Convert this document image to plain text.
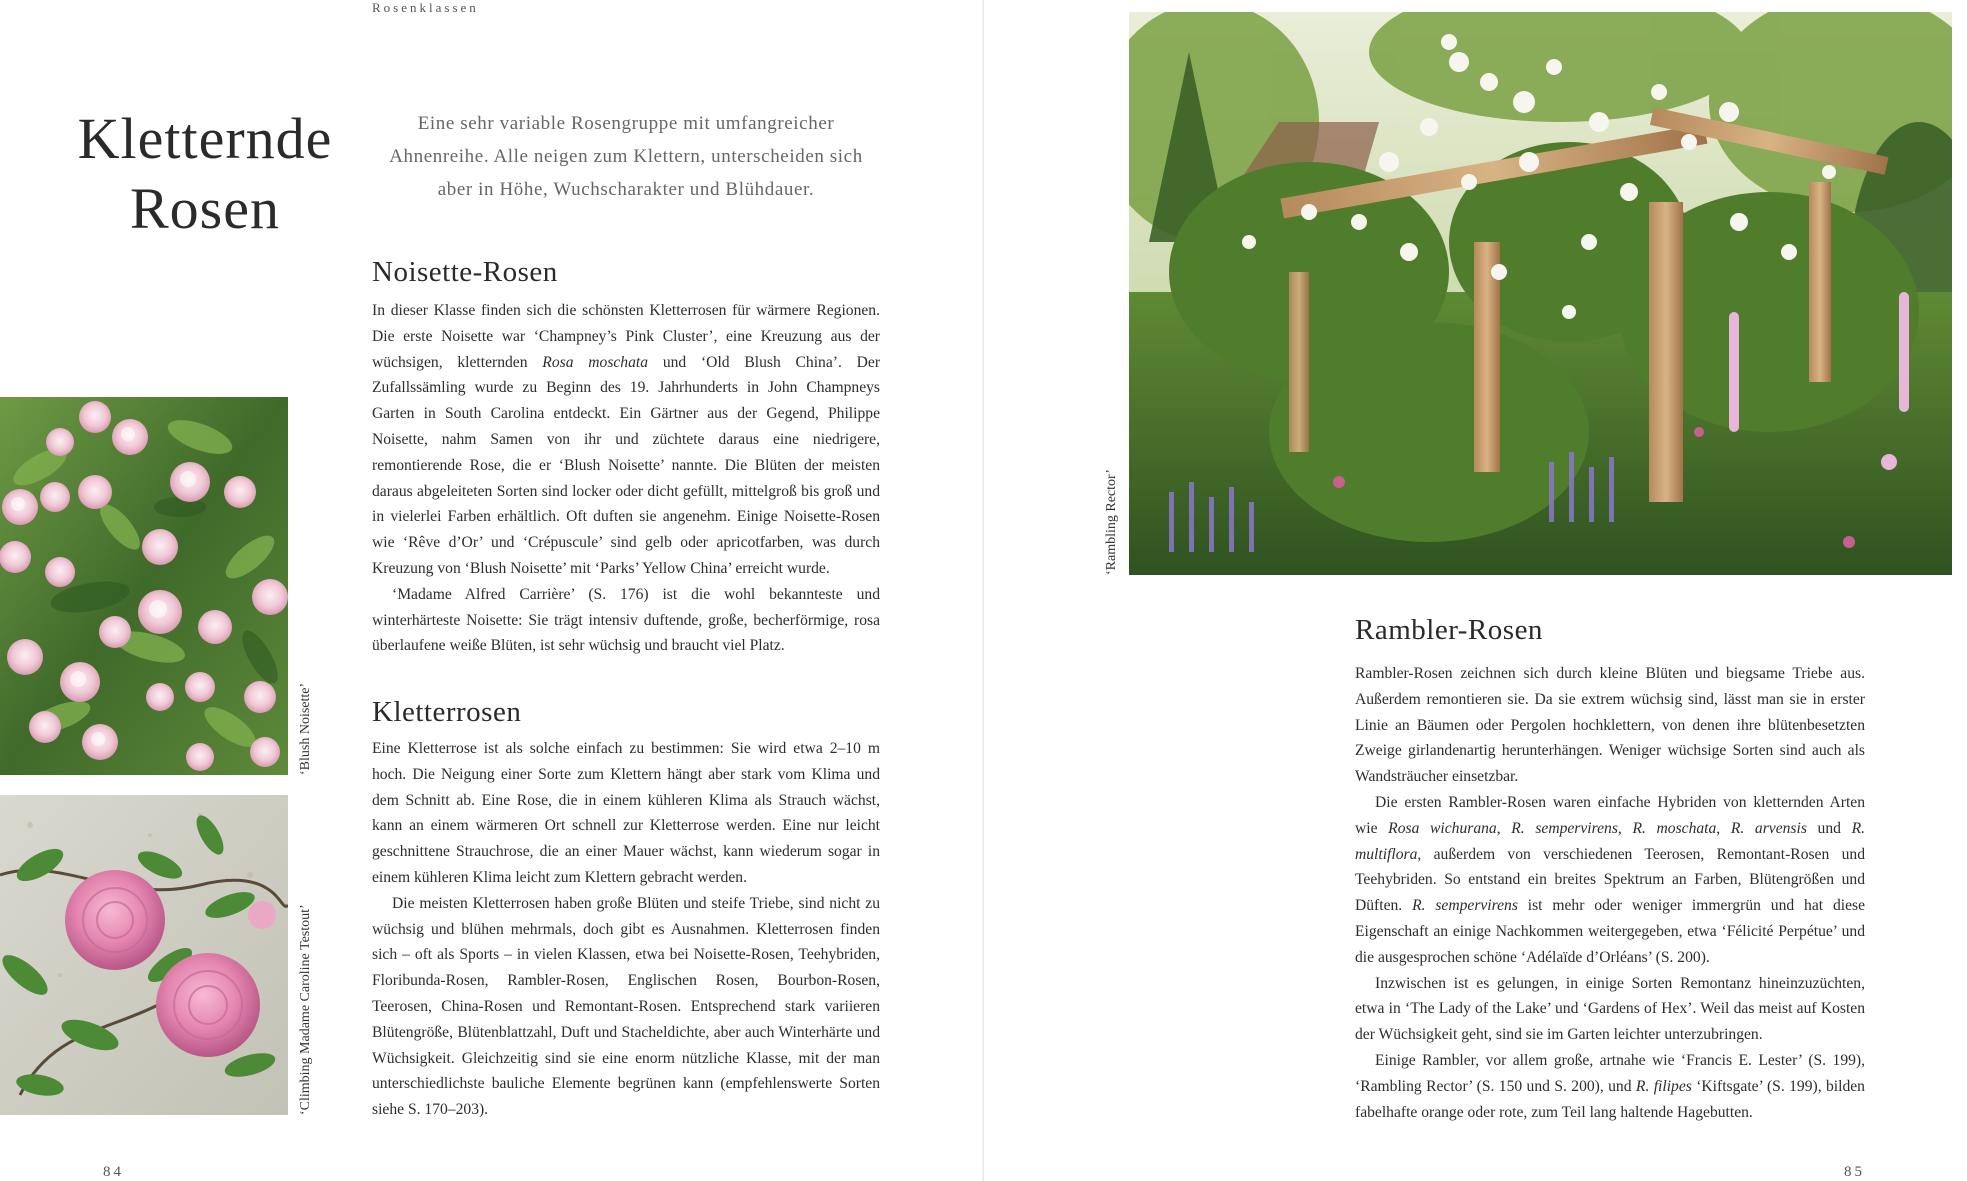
Rosenklassen
Kletternde
Rosen
Eine sehr variable Rosengruppe mit umfangreicher
Ahnenreihe. Alle neigen zum Klettern, unterscheiden sich
aber in Höhe, Wuchscharakter und Blühdauer.
‘Blush Noisette’
‘Climbing Madame Caroline Testout’
Noisette-Rosen

In dieser Klasse finden sich die schönsten Kletterrosen für wärmere Regionen. Die erste Noisette war ‘Champney’s Pink Cluster’, eine Kreuzung aus der wüchsigen, kletternden Rosa moschata und ‘Old Blush China’. Der Zufallssämling wurde zu Beginn des 19. Jahrhunderts in John Champneys Garten in South Carolina entdeckt. Ein Gärtner aus der Gegend, Philippe Noisette, nahm Samen von ihr und züchtete daraus eine niedrigere, remontierende Rose, die er ‘Blush Noisette’ nannte. Die Blüten der meisten daraus abgeleiteten Sorten sind locker oder dicht gefüllt, mittelgroß bis groß und in vielerlei Farben erhältlich. Oft duften sie angenehm. Einige Noisette-Rosen wie ‘Rêve d’Or’ und ‘Crépuscule’ sind gelb oder apricotfarben, was durch Kreuzung von ‘Blush Noisette’ mit ‘Parks’ Yellow China’ erreicht wurde.

‘Madame Alfred Carrière’ (S. 176) ist die wohl bekannteste und winterhärteste Noisette: Sie trägt intensiv duftende, große, becherförmige, rosa überlaufene weiße Blüten, ist sehr wüchsig und braucht viel Platz.

Kletterrosen

Eine Kletterrose ist als solche einfach zu bestimmen: Sie wird etwa 2–10 m hoch. Die Neigung einer Sorte zum Klettern hängt aber stark vom Klima und dem Schnitt ab. Eine Rose, die in einem kühleren Klima als Strauch wächst, kann an einem wärmeren Ort schnell zur Kletterrose werden. Eine nur leicht geschnittene Strauchrose, die an einer Mauer wächst, kann wiederum sogar in einem kühleren Klima leicht zum Klettern gebracht werden.

Die meisten Kletterrosen haben große Blüten und steife Triebe, sind nicht zu wüchsig und blühen mehrmals, doch gibt es Ausnahmen. Kletterrosen finden sich – oft als Sports – in vielen Klassen, etwa bei Noisette-Rosen, Teehybriden, Floribunda-Rosen, Rambler-Rosen, Englischen Rosen, Bourbon-Rosen, Teerosen, China-Rosen und Remontant-Rosen. Entsprechend stark variieren Blütengröße, Blütenblattzahl, Duft und Stacheldichte, aber auch Winterhärte und Wüchsigkeit. Gleichzeitig sind sie eine enorm nützliche Klasse, mit der man unterschiedlichste bauliche Elemente begrünen kann (empfehlenswerte Sorten siehe S. 170–203).

84
‘Rambling Rector’
Rambler-Rosen

Rambler-Rosen zeichnen sich durch kleine Blüten und biegsame Triebe aus. Außerdem remontieren sie. Da sie extrem wüchsig sind, lässt man sie in erster Linie an Bäumen oder Pergolen hochklettern, von denen ihre blütenbesetzten Zweige girlandenartig herunterhängen. Weniger wüchsige Sorten sind auch als Wandsträucher einsetzbar.

Die ersten Rambler-Rosen waren einfache Hybriden von kletternden Arten wie Rosa wichurana, R. sempervirens, R. moschata, R. arvensis und R. multiflora, außerdem von verschiedenen Teerosen, Remontant-Rosen und Teehybriden. So entstand ein breites Spektrum an Farben, Blütengrößen und Düften. R. sempervirens ist mehr oder weniger immergrün und hat diese Eigenschaft an einige Nachkommen weitergegeben, etwa ‘Félicité Perpétue’ und die ausgesprochen schöne ‘Adélaïde d’Orléans’ (S. 200).

Inzwischen ist es gelungen, in einige Sorten Remontanz hineinzuzüchten, etwa in ‘The Lady of the Lake’ und ‘Gardens of Hex’. Weil das meist auf Kosten der Wüchsigkeit geht, sind sie im Garten leichter unterzubringen.

Einige Rambler, vor allem große, artnahe wie ‘Francis E. Lester’ (S. 199), ‘Rambling Rector’ (S. 150 und S. 200), und R. filipes ‘Kiftsgate’ (S. 199), bilden fabelhafte orange oder rote, zum Teil lang haltende Hagebutten.

85
